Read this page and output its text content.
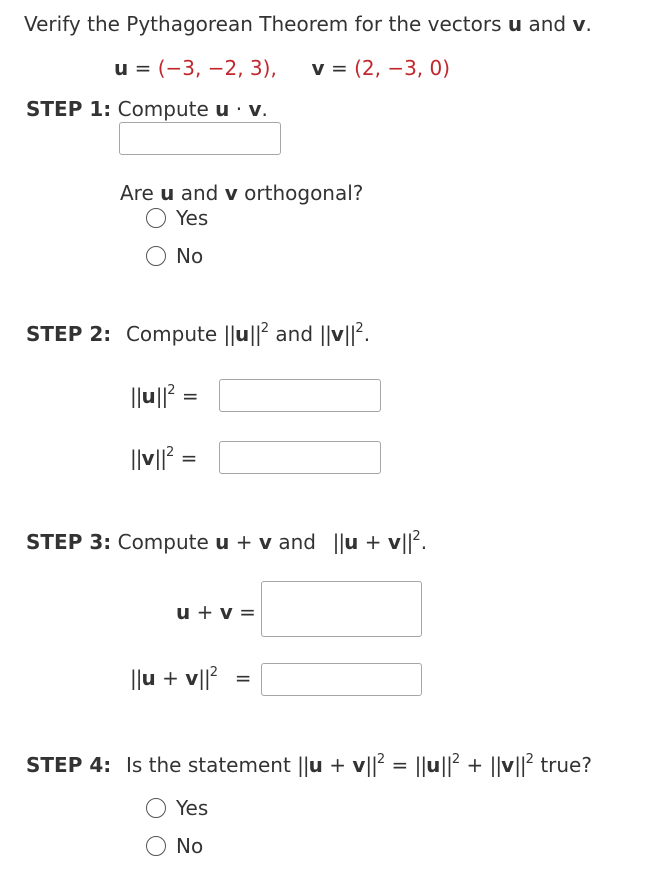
Verify the Pythagorean Theorem for the vectors u and v.
u = (−3, −2, 3), v = (2, −3, 0)
STEP 1: Compute u · v.
Are u and v orthogonal?
Yes
No
STEP 2: Compute $||u||^2$ and $||v||^2$.
$||u||^2$ =
$||v||^2$ =
STEP 3: Compute u + v and $||u + v||^2$.
u + v =
$||u + v||^2$ =
STEP 4: Is the statement $||u + v||^2 = ||u||^2 + ||v||^2$ true?
Yes
No
